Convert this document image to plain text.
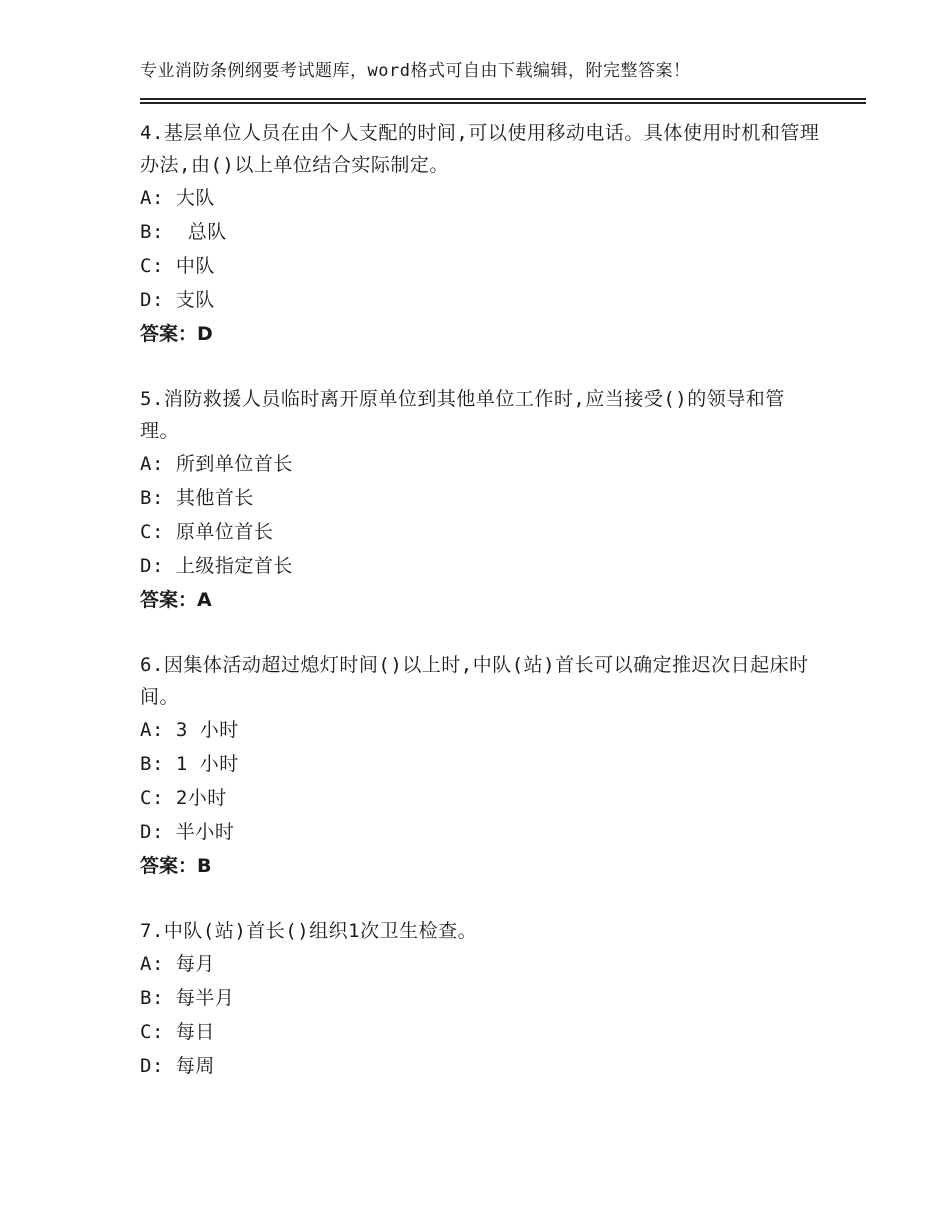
专业消防条例纲要考试题库，word格式可自由下载编辑，附完整答案！

4.基层单位人员在由个人支配的时间,可以使用移动电话。具体使用时机和管理办法,由()以上单位结合实际制定。

A: 大队
B:  总队
C: 中队
D: 支队
答案：D

5.消防救援人员临时离开原单位到其他单位工作时,应当接受()的领导和管理。

A: 所到单位首长
B: 其他首长
C: 原单位首长
D: 上级指定首长
答案：A

6.因集体活动超过熄灯时间()以上时,中队(站)首长可以确定推迟次日起床时间。

A: 3 小时
B: 1 小时
C: 2小时
D: 半小时
答案：B

7.中队(站)首长()组织1次卫生检查。

A: 每月
B: 每半月
C: 每日
D: 每周
